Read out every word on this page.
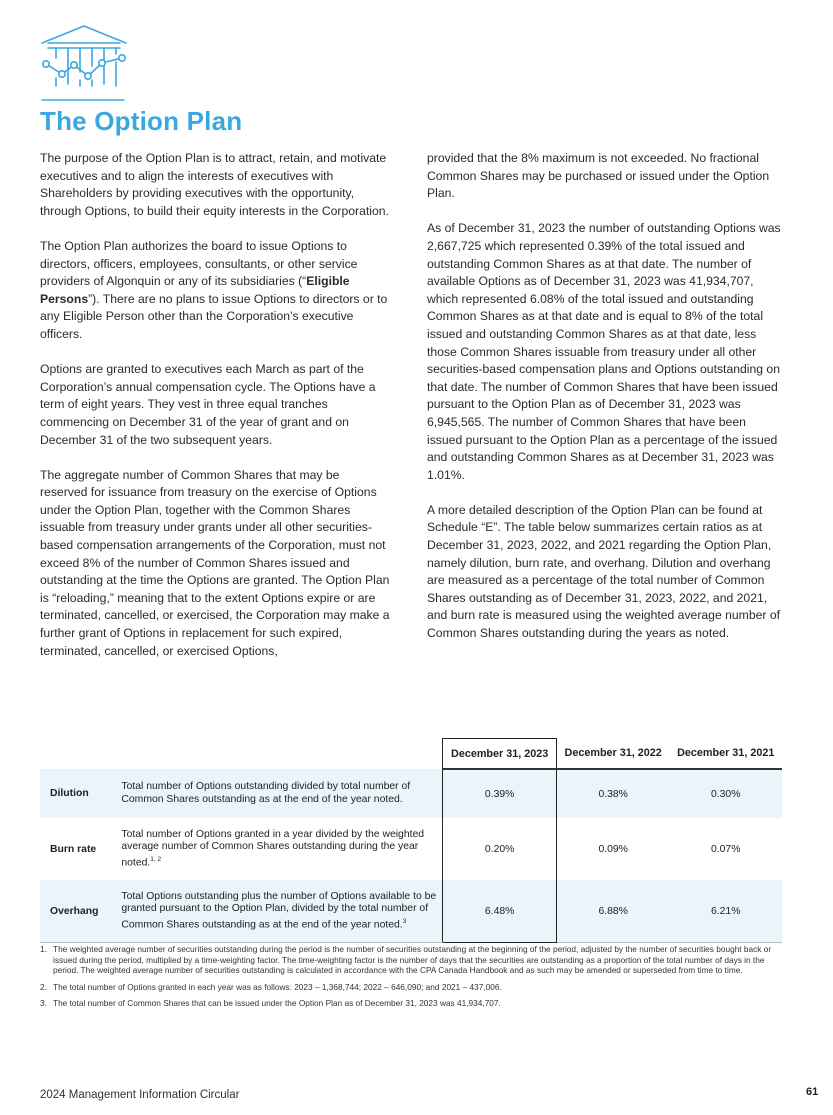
The Option Plan

The purpose of the Option Plan is to attract, retain, and motivate executives and to align the interests of executives with Shareholders by providing executives with the opportunity, through Options, to build their equity interests in the Corporation.

The Option Plan authorizes the board to issue Options to directors, officers, employees, consultants, or other service providers of Algonquin or any of its subsidiaries (“Eligible Persons”). There are no plans to issue Options to directors or to any Eligible Person other than the Corporation’s executive officers.

Options are granted to executives each March as part of the Corporation’s annual compensation cycle. The Options have a term of eight years. They vest in three equal tranches commencing on December 31 of the year of grant and on December 31 of the two subsequent years.

The aggregate number of Common Shares that may be reserved for issuance from treasury on the exercise of Options under the Option Plan, together with the Common Shares issuable from treasury under grants under all other securities-based compensation arrangements of the Corporation, must not exceed 8% of the number of Common Shares issued and outstanding at the time the Options are granted. The Option Plan is “reloading,” meaning that to the extent Options expire or are terminated, cancelled, or exercised, the Corporation may make a further grant of Options in replacement for such expired, terminated, cancelled, or exercised Options,

provided that the 8% maximum is not exceeded. No fractional Common Shares may be purchased or issued under the Option Plan.

As of December 31, 2023 the number of outstanding Options was 2,667,725 which represented 0.39% of the total issued and outstanding Common Shares as at that date. The number of available Options as of December 31, 2023 was 41,934,707, which represented 6.08% of the total issued and outstanding Common Shares as at that date and is equal to 8% of the total issued and outstanding Common Shares as at that date, less those Common Shares issuable from treasury under all other securities-based compensation plans and Options outstanding on that date. The number of Common Shares that have been issued pursuant to the Option Plan as of December 31, 2023 was 6,945,565. The number of Common Shares that have been issued pursuant to the Option Plan as a percentage of the issued and outstanding Common Shares as at December 31, 2023 was 1.01%.

A more detailed description of the Option Plan can be found at Schedule “E”. The table below summarizes certain ratios as at December 31, 2023, 2022, and 2021 regarding the Option Plan, namely dilution, burn rate, and overhang. Dilution and overhang are measured as a percentage of the total number of Common Shares outstanding as of December 31, 2023, 2022, and 2021, and burn rate is measured using the weighted average number of Common Shares outstanding during the years as noted.

		December 31, 2023	December 31, 2022	December 31, 2021
Dilution	Total number of Options outstanding divided by total number of Common Shares outstanding as at the end of the year noted.	0.39%	0.38%	0.30%
Burn rate	Total number of Options granted in a year divided by the weighted average number of Common Shares outstanding during the year noted.$^{1, 2}$	0.20%	0.09%	0.07%
Overhang	Total Options outstanding plus the number of Options available to be granted pursuant to the Option Plan, divided by the total number of Common Shares outstanding as at the end of the year noted.$^3$	6.48%	6.88%	6.21%
1. The weighted average number of securities outstanding during the period is the number of securities outstanding at the beginning of the period, adjusted by the number of securities bought back or issued during the period, multiplied by a time-weighting factor. The time-weighting factor is the number of days that the securities are outstanding as a proportion of the total number of days in the period. The weighted average number of securities outstanding is calculated in accordance with the CPA Canada Handbook and as such may be amended or superseded from time to time.
2. The total number of Options granted in each year was as follows: 2023 – 1,368,744; 2022 – 646,090; and 2021 – 437,006.
3. The total number of Common Shares that can be issued under the Option Plan as of December 31, 2023 was 41,934,707.
2024 Management Information Circular	61
